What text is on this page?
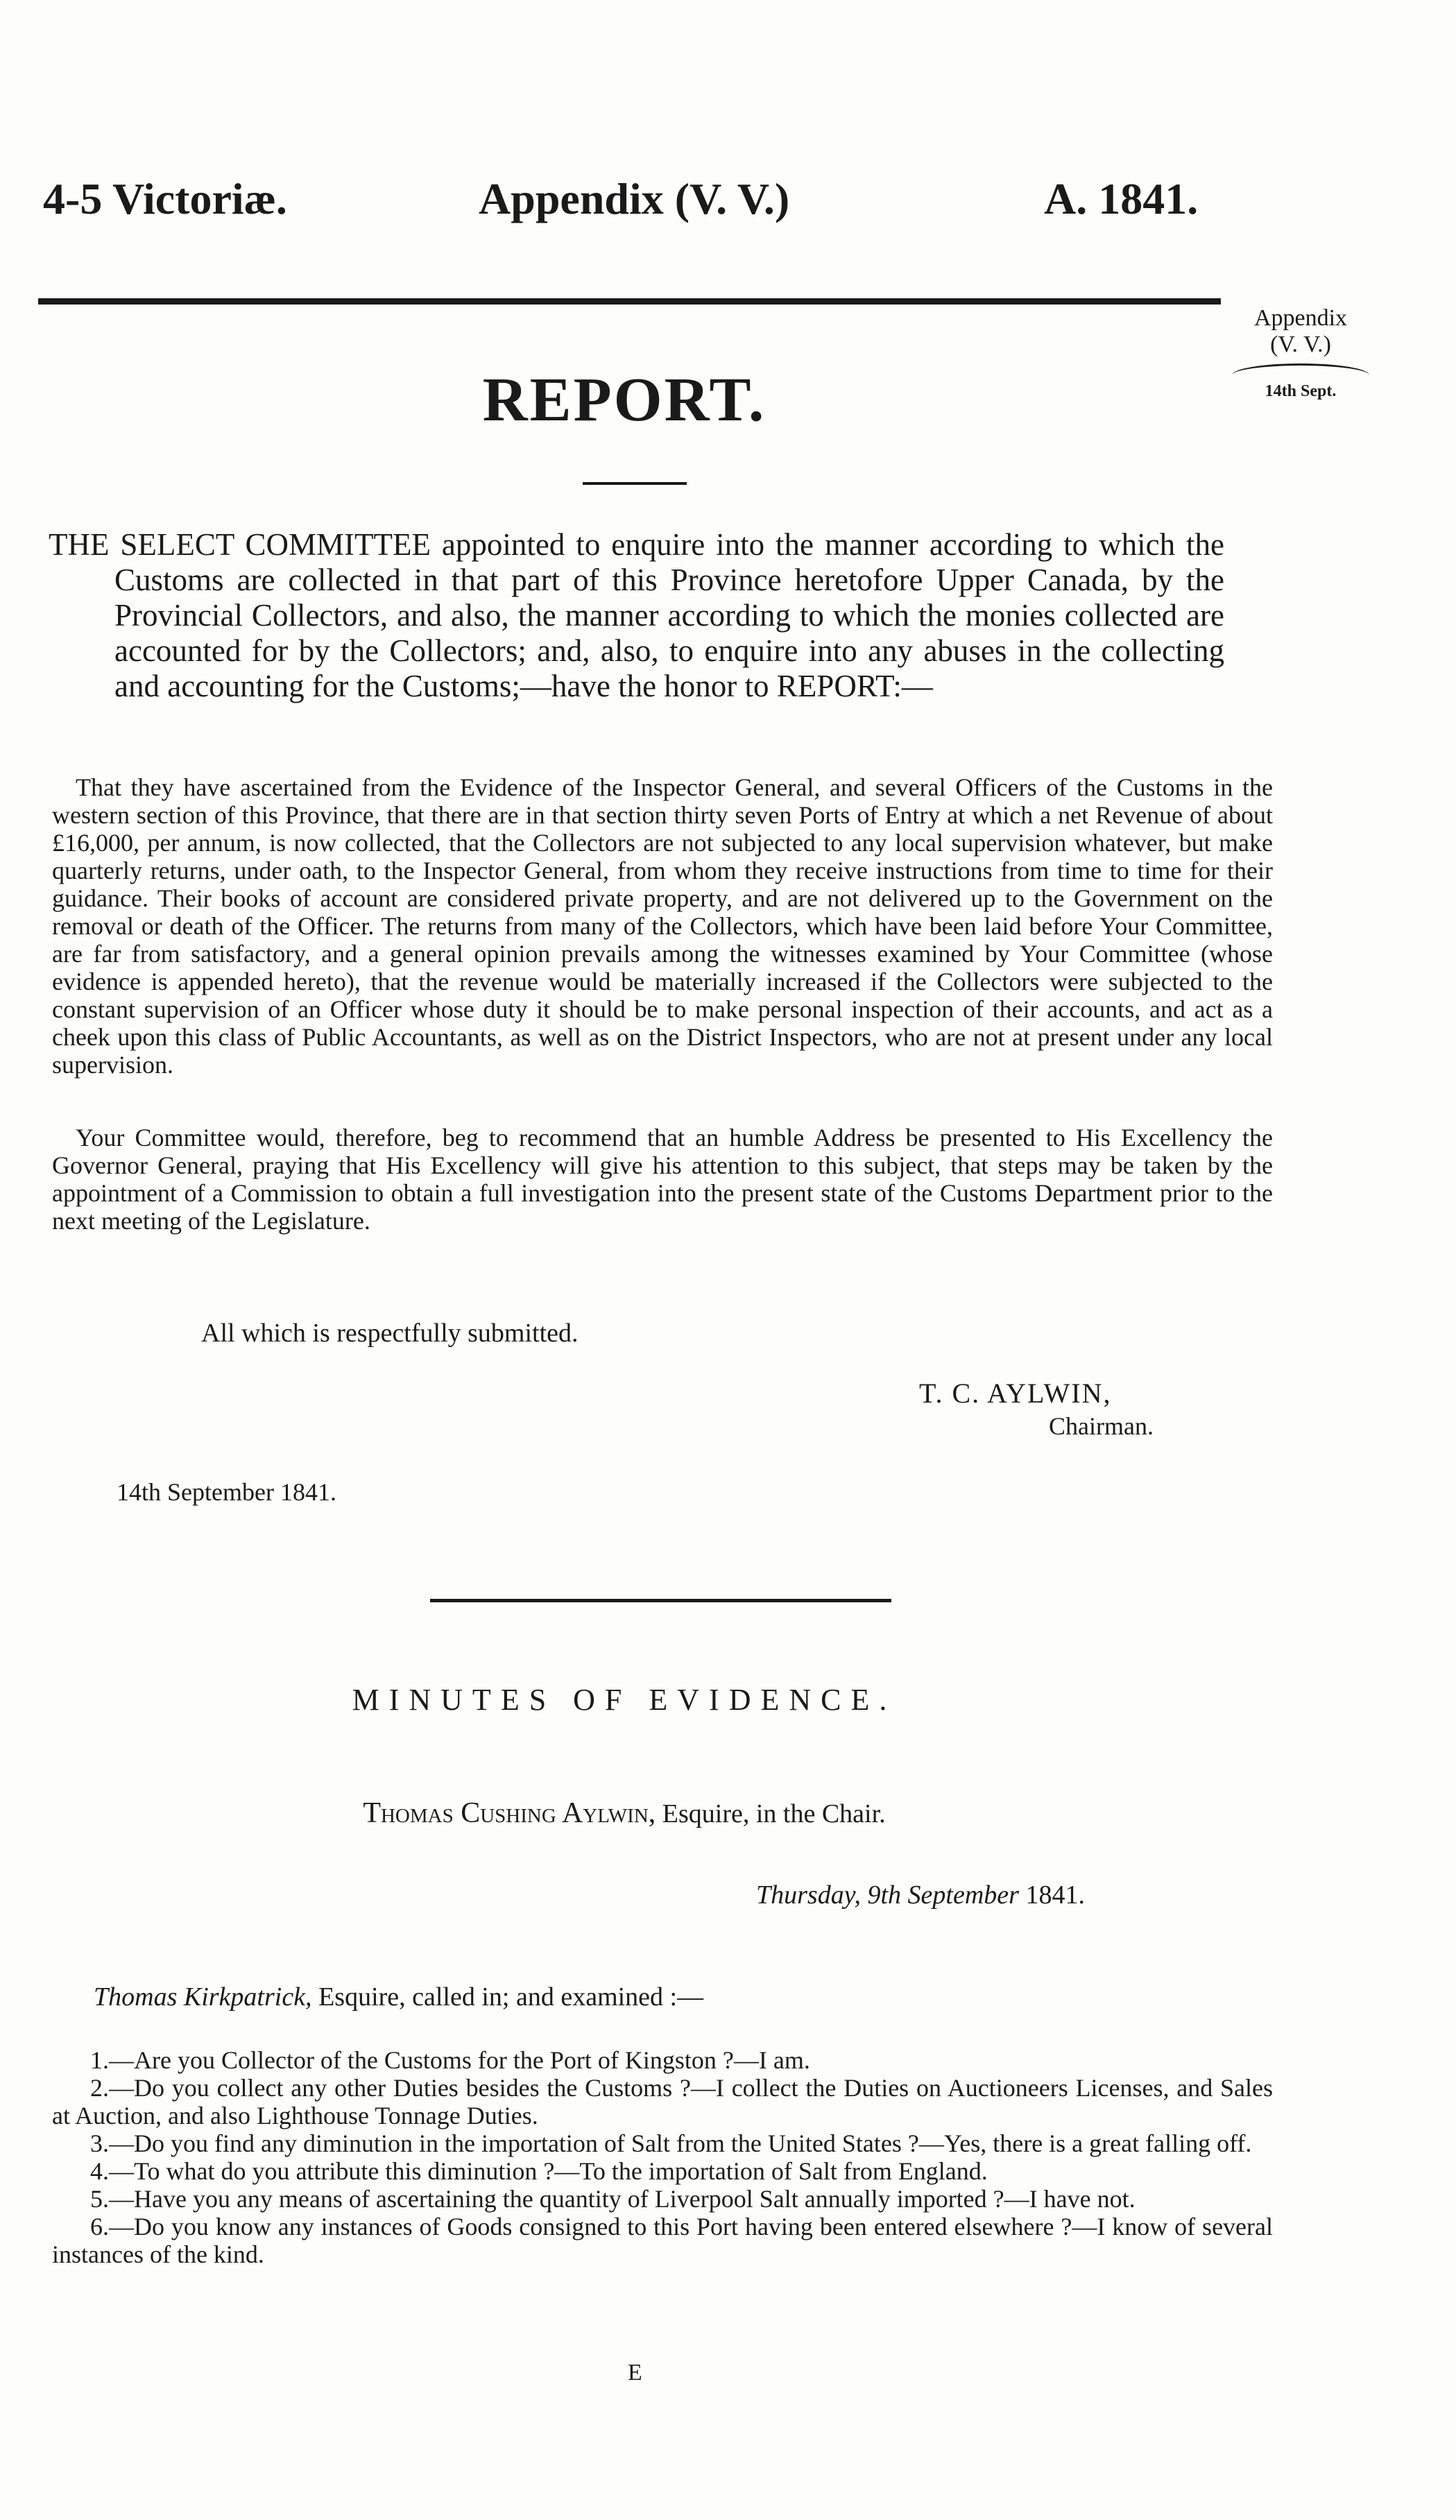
4-5 Victoriæ.	Appendix (V. V.)	A. 1841.
Appendix
(V. V.)
14th Sept.
REPORT.
THE SELECT COMMITTEE appointed to enquire into the manner according to which the Customs are collected in that part of this Province heretofore Upper Canada, by the Provincial Collectors, and also, the manner according to which the monies collected are accounted for by the Collectors; and, also, to enquire into any abuses in the collecting and accounting for the Customs;—have the honor to REPORT:—
That they have ascertained from the Evidence of the Inspector General, and several Officers of the Customs in the western section of this Province, that there are in that section thirty seven Ports of Entry at which a net Revenue of about £16,000, per annum, is now collected, that the Collectors are not subjected to any local supervision whatever, but make quarterly returns, under oath, to the Inspector General, from whom they receive instructions from time to time for their guidance. Their books of account are considered private property, and are not delivered up to the Government on the removal or death of the Officer. The returns from many of the Collectors, which have been laid before Your Committee, are far from satisfactory, and a general opinion prevails among the witnesses examined by Your Committee (whose evidence is appended hereto), that the revenue would be materially increased if the Collectors were subjected to the constant supervision of an Officer whose duty it should be to make personal inspection of their accounts, and act as a cheek upon this class of Public Accountants, as well as on the District Inspectors, who are not at present under any local supervision.
Your Committee would, therefore, beg to recommend that an humble Address be presented to His Excellency the Governor General, praying that His Excellency will give his attention to this subject, that steps may be taken by the appointment of a Commission to obtain a full investigation into the present state of the Customs Department prior to the next meeting of the Legislature.
All which is respectfully submitted.
T. C. AYLWIN,
Chairman.
14th September 1841.
MINUTES OF EVIDENCE.
Thomas Cushing Aylwin, Esquire, in the Chair.
Thursday, 9th September 1841.
Thomas Kirkpatrick, Esquire, called in; and examined :—

1.—Are you Collector of the Customs for the Port of Kingston ?—I am.

2.—Do you collect any other Duties besides the Customs ?—I collect the Duties on Auctioneers Licenses, and Sales at Auction, and also Lighthouse Tonnage Duties.

3.—Do you find any diminution in the importation of Salt from the United States ?—Yes, there is a great falling off.

4.—To what do you attribute this diminution ?—To the importation of Salt from England.

5.—Have you any means of ascertaining the quantity of Liverpool Salt annually imported ?—I have not.

6.—Do you know any instances of Goods consigned to this Port having been entered elsewhere ?—I know of several instances of the kind.

E
